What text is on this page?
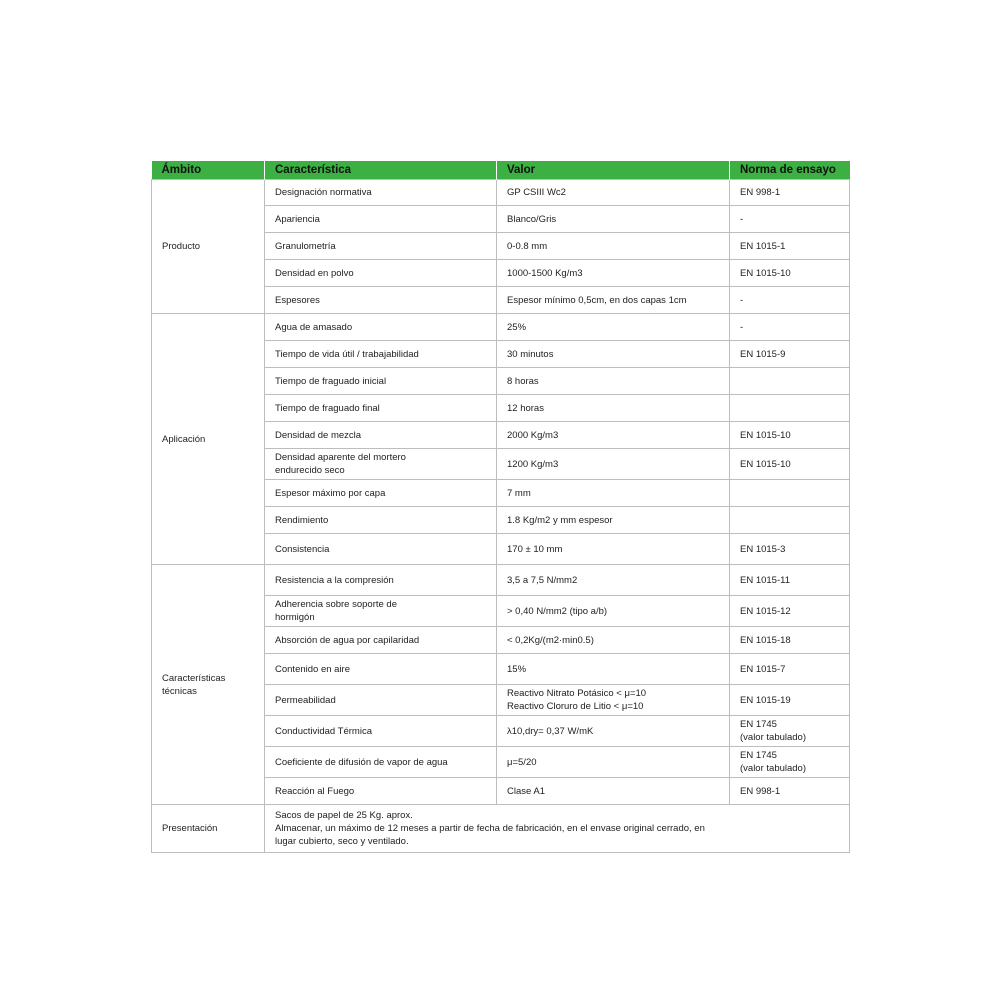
Ámbito	Característica	Valor	Norma de ensayo

Producto	Designación normativa	GP CSIII Wc2	EN 998-1

	Apariencia	Blanco/Gris	-

	Granulometría	0-0.8 mm	EN 1015-1

	Densidad en polvo	1000-1500 Kg/m3	EN 1015-10

	Espesores	Espesor mínimo 0,5cm, en dos capas 1cm	-

Aplicación	Agua de amasado	25%	-

	Tiempo de vida útil / trabajabilidad	30 minutos	EN 1015-9

	Tiempo de fraguado inicial	8 horas	

	Tiempo de fraguado final	12 horas	

	Densidad de mezcla	2000 Kg/m3	EN 1015-10

	Densidad aparente del mortero
endurecido seco	1200 Kg/m3	EN 1015-10

	Espesor máximo por capa	7 mm	

	Rendimiento	1.8 Kg/m2 y mm espesor	

	Consistencia	170 ± 10 mm	EN 1015-3

Características
técnicas	Resistencia a la compresión	3,5 a 7,5 N/mm2	EN 1015-11

	Adherencia sobre soporte de
hormigón	> 0,40 N/mm2 (tipo a/b)	EN 1015-12

	Absorción de agua por capilaridad	< 0,2Kg/(m2·min0.5)	EN 1015-18

	Contenido en aire	15%	EN 1015-7

	Permeabilidad	Reactivo Nitrato Potásico < μ=10
Reactivo Cloruro de Litio < μ=10	EN 1015-19

	Conductividad Térmica	λ10,dry= 0,37 W/mK	EN 1745
(valor tabulado)

	Coeficiente de difusión de vapor de agua	μ=5/20	EN 1745
(valor tabulado)

	Reacción al Fuego	Clase A1	EN 998-1

Presentación	Sacos de papel de 25 Kg. aprox.
Almacenar, un máximo de 12 meses a partir de fecha de fabricación, en el envase original cerrado, en
lugar cubierto, seco y ventilado.		
